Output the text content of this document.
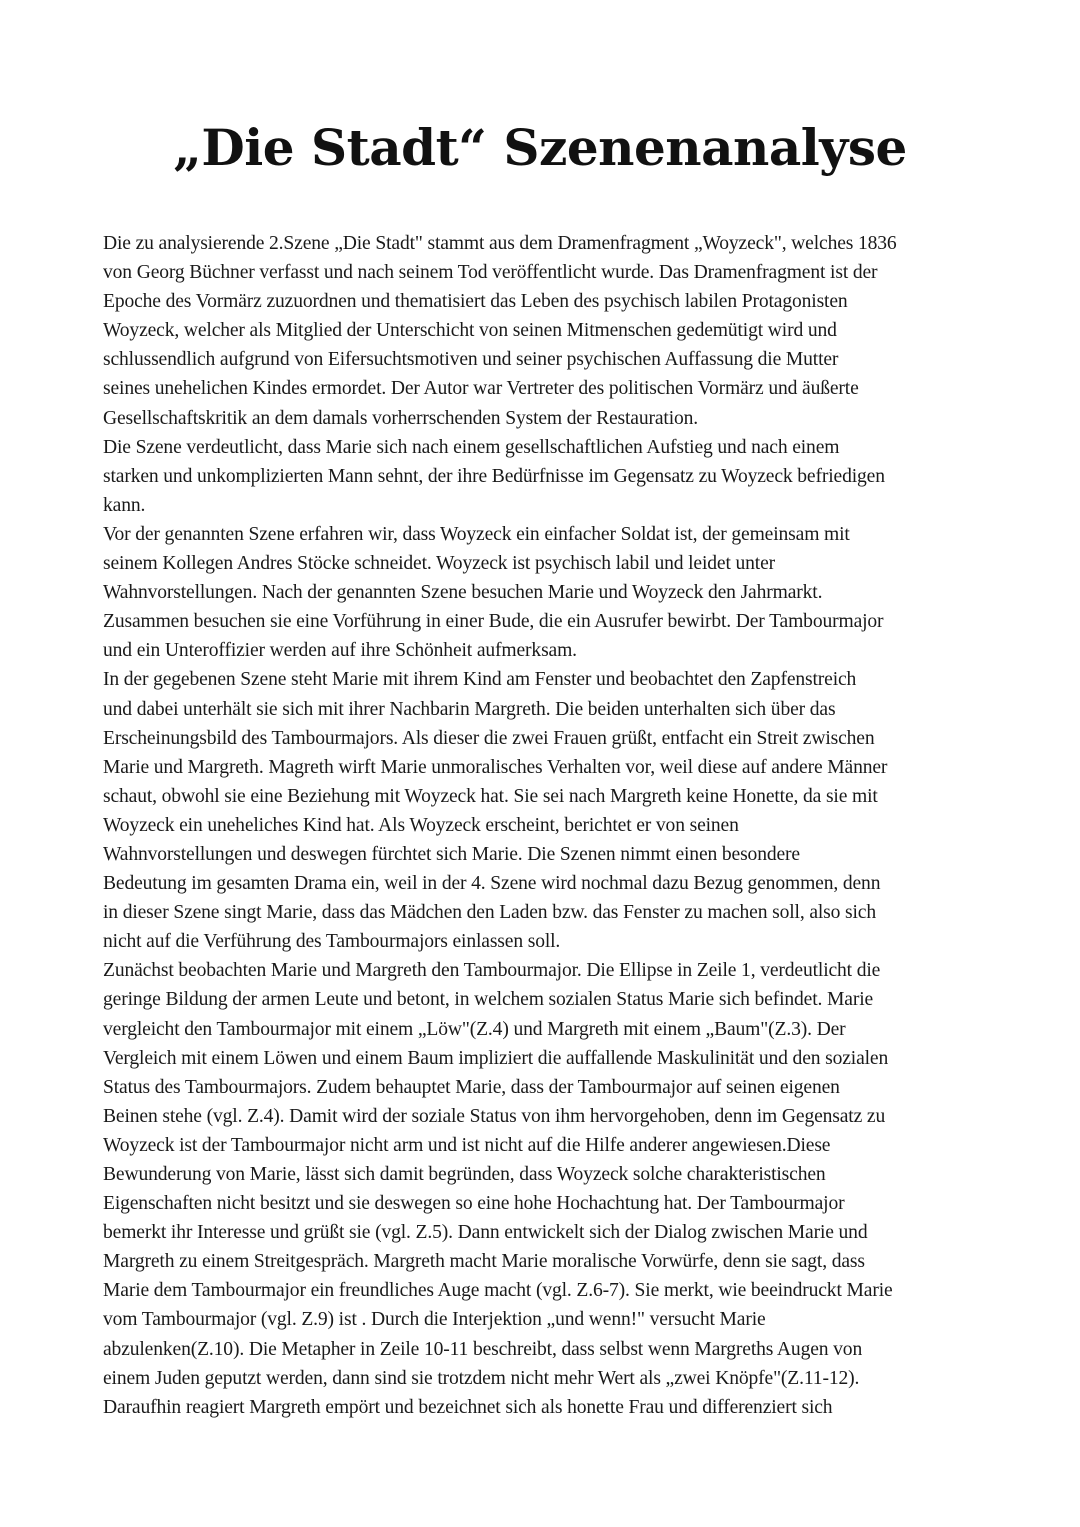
„Die Stadt“ Szenenanalyse
Die zu analysierende 2.Szene „Die Stadt" stammt aus dem Dramenfragment „Woyzeck", welches 1836
von Georg Büchner verfasst und nach seinem Tod veröffentlicht wurde. Das Dramenfragment ist der
Epoche des Vormärz zuzuordnen und thematisiert das Leben des psychisch labilen Protagonisten
Woyzeck, welcher als Mitglied der Unterschicht von seinen Mitmenschen gedemütigt wird und
schlussendlich aufgrund von Eifersuchtsmotiven und seiner psychischen Auffassung die Mutter
seines unehelichen Kindes ermordet. Der Autor war Vertreter des politischen Vormärz und äußerte
Gesellschaftskritik an dem damals vorherrschenden System der Restauration.
Die Szene verdeutlicht, dass Marie sich nach einem gesellschaftlichen Aufstieg und nach einem
starken und unkomplizierten Mann sehnt, der ihre Bedürfnisse im Gegensatz zu Woyzeck befriedigen
kann.
Vor der genannten Szene erfahren wir, dass Woyzeck ein einfacher Soldat ist, der gemeinsam mit
seinem Kollegen Andres Stöcke schneidet. Woyzeck ist psychisch labil und leidet unter
Wahnvorstellungen. Nach der genannten Szene besuchen Marie und Woyzeck den Jahrmarkt.
Zusammen besuchen sie eine Vorführung in einer Bude, die ein Ausrufer bewirbt. Der Tambourmajor
und ein Unteroffizier werden auf ihre Schönheit aufmerksam.
In der gegebenen Szene steht Marie mit ihrem Kind am Fenster und beobachtet den Zapfenstreich
und dabei unterhält sie sich mit ihrer Nachbarin Margreth. Die beiden unterhalten sich über das
Erscheinungsbild des Tambourmajors. Als dieser die zwei Frauen grüßt, entfacht ein Streit zwischen
Marie und Margreth. Magreth wirft Marie unmoralisches Verhalten vor, weil diese auf andere Männer
schaut, obwohl sie eine Beziehung mit Woyzeck hat. Sie sei nach Margreth keine Honette, da sie mit
Woyzeck ein uneheliches Kind hat. Als Woyzeck erscheint, berichtet er von seinen
Wahnvorstellungen und deswegen fürchtet sich Marie. Die Szenen nimmt einen besondere
Bedeutung im gesamten Drama ein, weil in der 4. Szene wird nochmal dazu Bezug genommen, denn
in dieser Szene singt Marie, dass das Mädchen den Laden bzw. das Fenster zu machen soll, also sich
nicht auf die Verführung des Tambourmajors einlassen soll.
Zunächst beobachten Marie und Margreth den Tambourmajor. Die Ellipse in Zeile 1, verdeutlicht die
geringe Bildung der armen Leute und betont, in welchem sozialen Status Marie sich befindet. Marie
vergleicht den Tambourmajor mit einem „Löw"(Z.4) und Margreth mit einem „Baum"(Z.3). Der
Vergleich mit einem Löwen und einem Baum impliziert die auffallende Maskulinität und den sozialen
Status des Tambourmajors. Zudem behauptet Marie, dass der Tambourmajor auf seinen eigenen
Beinen stehe (vgl. Z.4). Damit wird der soziale Status von ihm hervorgehoben, denn im Gegensatz zu
Woyzeck ist der Tambourmajor nicht arm und ist nicht auf die Hilfe anderer angewiesen.Diese
Bewunderung von Marie, lässt sich damit begründen, dass Woyzeck solche charakteristischen
Eigenschaften nicht besitzt und sie deswegen so eine hohe Hochachtung hat. Der Tambourmajor
bemerkt ihr Interesse und grüßt sie (vgl. Z.5). Dann entwickelt sich der Dialog zwischen Marie und
Margreth zu einem Streitgespräch. Margreth macht Marie moralische Vorwürfe, denn sie sagt, dass
Marie dem Tambourmajor ein freundliches Auge macht (vgl. Z.6-7). Sie merkt, wie beeindruckt Marie
vom Tambourmajor (vgl. Z.9) ist . Durch die Interjektion „und wenn!" versucht Marie
abzulenken(Z.10). Die Metapher in Zeile 10-11 beschreibt, dass selbst wenn Margreths Augen von
einem Juden geputzt werden, dann sind sie trotzdem nicht mehr Wert als „zwei Knöpfe"(Z.11-12).
Daraufhin reagiert Margreth empört und bezeichnet sich als honette Frau und differenziert sich
